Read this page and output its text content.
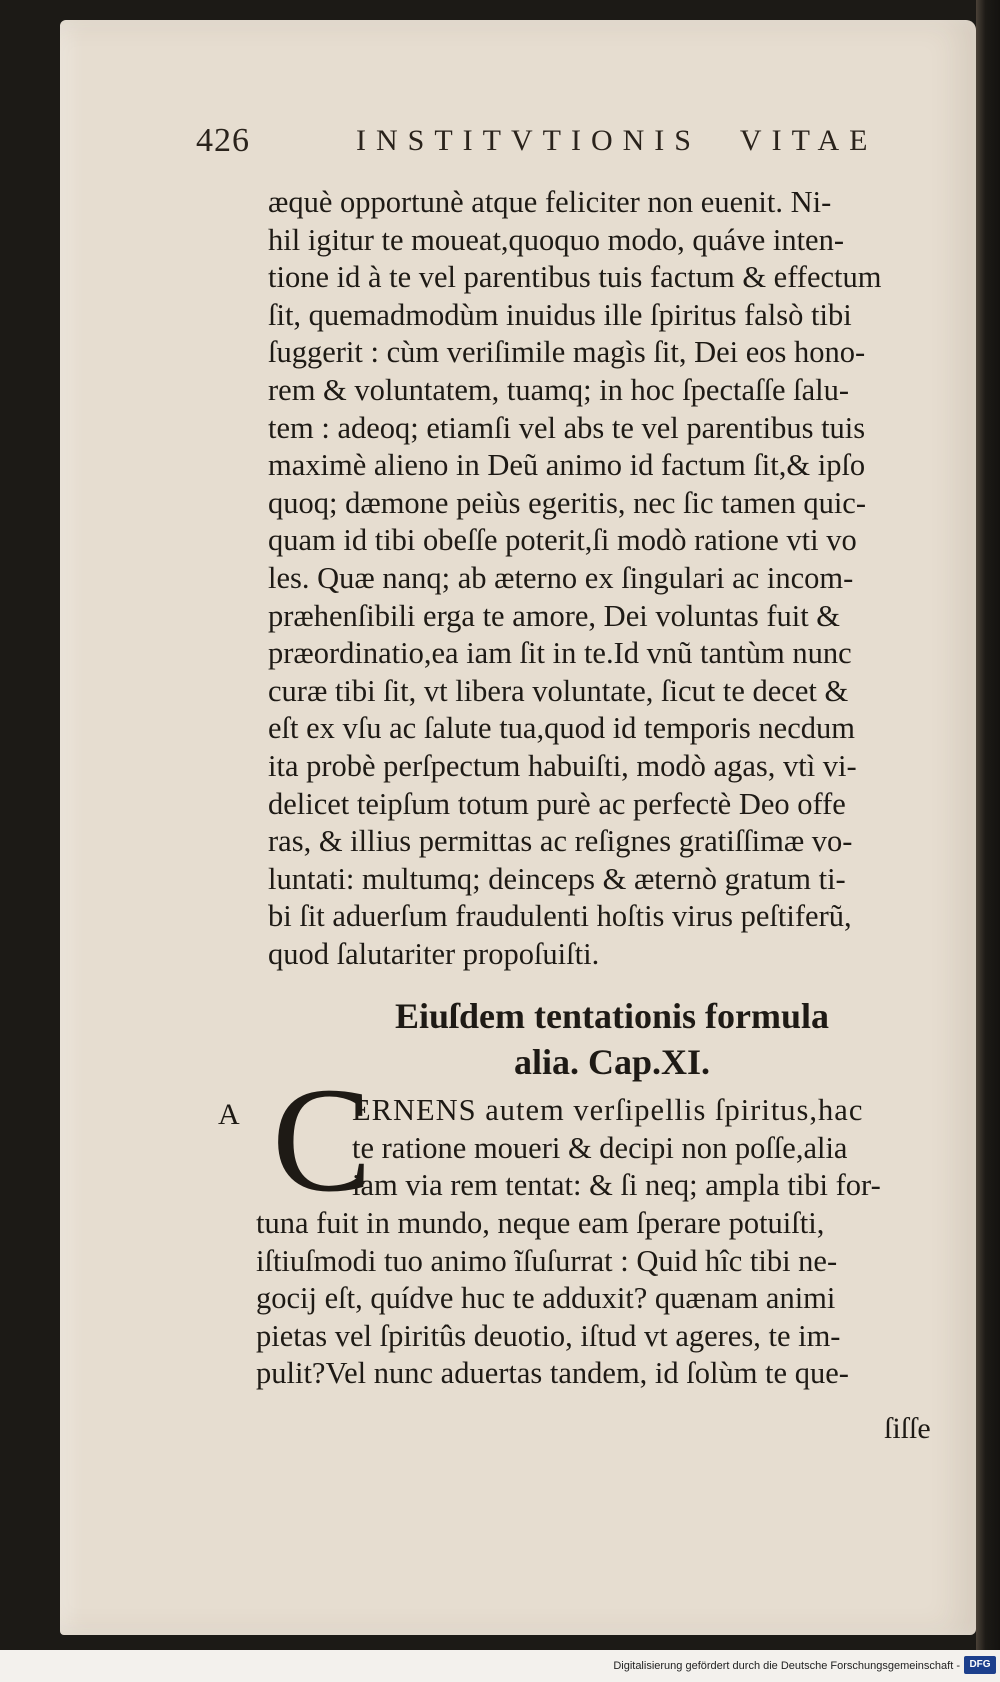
426	INSTITVTIONIS VITAE
æquè opportunè atque feliciter non euenit. Ni-
hil igitur te moueat,quoquo modo, quáve inten-
tione id à te vel parentibus tuis factum & effectum
ſit, quemadmodùm inuidus ille ſpiritus falsò tibi
ſuggerit : cùm veriſimile magìs ſit, Dei eos hono-
rem & voluntatem, tuamq; in hoc ſpectaſſe ſalu-
tem : adeoq; etiamſi vel abs te vel parentibus tuis
maximè alieno in Deũ animo id factum ſit,& ipſo
quoq; dæmone peiùs egeritis, nec ſic tamen quic-
quam id tibi obeſſe poterit,ſi modò ratione vti vo
les. Quæ nanq; ab æterno ex ſingulari ac incom-
præhenſibili erga te amore, Dei voluntas fuit &
præordinatio,ea iam ſit in te.Id vnũ tantùm nunc
curæ tibi ſit, vt libera voluntate, ſicut te decet &
eſt ex vſu ac ſalute tua,quod id temporis necdum
ita probè perſpectum habuiſti, modò agas, vtì vi-
delicet teipſum totum purè ac perfectè Deo offe
ras, & illius permittas ac reſignes gratiſſimæ vo-
luntati: multumq; deinceps & æternò gratum ti-
bi ſit aduerſum fraudulenti hoſtis virus peſtiferũ,
quod ſalutariter propoſuiſti.
Eiuſdem tentationis formula
alia. Cap.XI.
A C
ERNENS autem verſipellis ſpiritus,hac
te ratione moueri & decipi non poſſe,alia
iam via rem tentat: & ſi neq; ampla tibi for-
tuna fuit in mundo, neque eam ſperare potuiſti,
iſtiuſmodi tuo animo ĩſuſurrat : Quid hîc tibi ne-
gocij eſt, quídve huc te adduxit? quænam animi
pietas vel ſpiritûs deuotio, iſtud vt ageres, te im-
pulit?Vel nunc aduertas tandem, id ſolùm te que-
ſiſſe
Digitalisierung gefördert durch die Deutsche Forschungsgemeinschaft - DFG
